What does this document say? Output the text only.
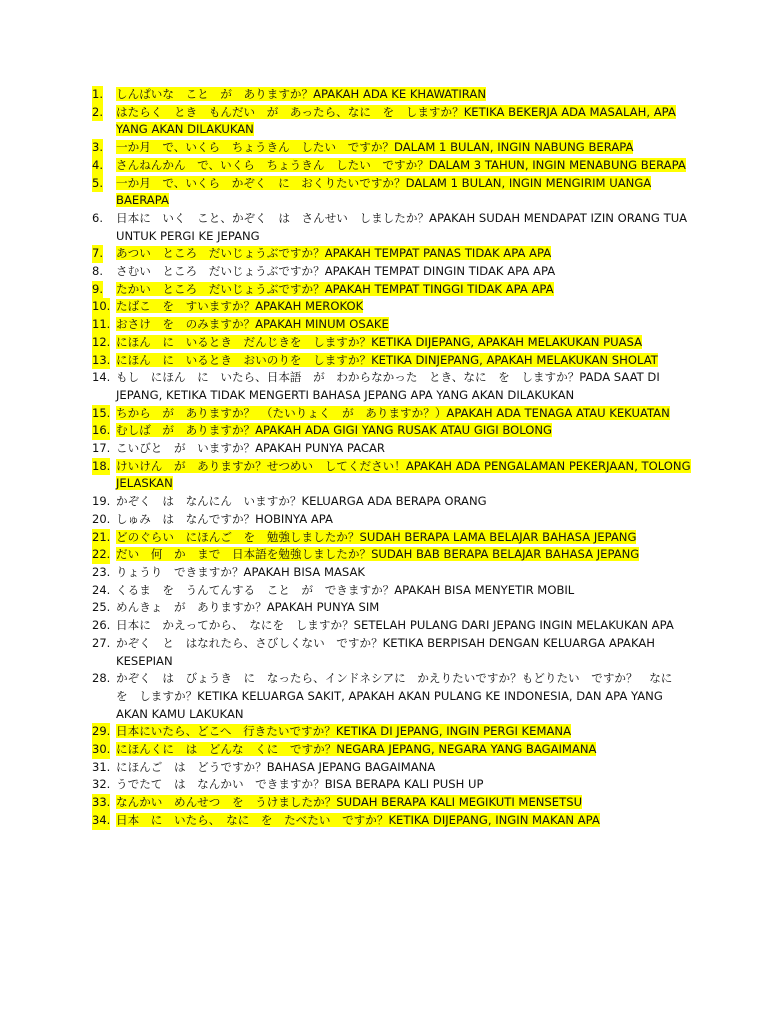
1. しんぱいな　こと　が　ありますか？APAKAH ADA KE KHAWATIRAN
2. はたらく　とき　もんだい　が　あったら、なに　を　しますか？KETIKA BEKERJA ADA MASALAH, APA YANG AKAN DILAKUKAN
3. 一か月　で、いくら　ちょうきん　したい　ですか？DALAM 1 BULAN, INGIN NABUNG BERAPA
4. さんねんかん　で、いくら　ちょうきん　したい　ですか？DALAM 3 TAHUN, INGIN MENABUNG BERAPA
5. 一か月　で、いくら　かぞく　に　おくりたいですか？DALAM 1 BULAN, INGIN MENGIRIM UANGA BAERAPA
6. 日本に　いく　こと、かぞく　は　さんせい　しましたか？APAKAH SUDAH MENDAPAT IZIN ORANG TUA UNTUK PERGI KE JEPANG
7. あつい　ところ　だいじょうぶですか？APAKAH TEMPAT PANAS TIDAK APA APA
8. さむい　ところ　だいじょうぶですか？APAKAH TEMPAT DINGIN TIDAK APA APA
9. たかい　ところ　だいじょうぶですか？APAKAH TEMPAT TINGGI TIDAK APA APA
10. たばこ　を　すいますか？APAKAH MEROKOK
11. おさけ　を　のみますか？APAKAH MINUM OSAKE
12. にほん　に　いるとき　だんじきを　しますか？KETIKA DIJEPANG, APAKAH MELAKUKAN PUASA
13. にほん　に　いるとき　おいのりを　しますか？KETIKA DINJEPANG, APAKAH MELAKUKAN SHOLAT
14. もし　にほん　に　いたら、日本語　が　わからなかった　とき、なに　を　しますか？PADA SAAT DI JEPANG, KETIKA TIDAK MENGERTI BAHASA JEPANG APA YANG AKAN DILAKUKAN
15. ちから　が　ありますか？　（たいりょく　が　ありますか？）APAKAH ADA TENAGA ATAU KEKUATAN
16. むしば　が　ありますか？APAKAH ADA GIGI YANG RUSAK ATAU GIGI BOLONG
17. こいびと　が　いますか？APAKAH PUNYA PACAR
18. けいけん　が　ありますか？せつめい　してください！APAKAH ADA PENGALAMAN PEKERJAAN, TOLONG JELASKAN
19. かぞく　は　なんにん　いますか？KELUARGA ADA BERAPA ORANG
20. しゅみ　は　なんですか？HOBINYA APA
21. どのぐらい　にほんご　を　勉強しましたか？SUDAH BERAPA LAMA BELAJAR BAHASA JEPANG
22. だい　何　か　まで　日本語を勉強しましたか？SUDAH BAB BERAPA BELAJAR BAHASA JEPANG
23. りょうり　できますか？APAKAH BISA MASAK
24. くるま　を　うんてんする　こと　が　できますか？APAKAH BISA MENYETIR MOBIL
25. めんきょ　が　ありますか？APAKAH PUNYA SIM
26. 日本に　かえってから、　なにを　しますか？SETELAH PULANG DARI JEPANG INGIN MELAKUKAN APA
27. かぞく　と　はなれたら、さびしくない　ですか？KETIKA BERPISAH DENGAN KELUARGA APAKAH KESEPIAN
28. かぞく　は　びょうき　に　なったら、インドネシアに　かえりたいですか？もどりたい　ですか？　なに　を　しますか？KETIKA KELUARGA SAKIT, APAKAH AKAN PULANG KE INDONESIA, DAN APA YANG AKAN KAMU LAKUKAN
29. 日本にいたら、どこへ　行きたいですか？KETIKA DI JEPANG, INGIN PERGI KEMANA
30. にほんくに　は　どんな　くに　ですか？NEGARA JEPANG, NEGARA YANG BAGAIMANA
31. にほんご　は　どうですか？BAHASA JEPANG BAGAIMANA
32. うでたて　は　なんかい　できますか？BISA BERAPA KALI PUSH UP
33. なんかい　めんせつ　を　うけましたか？SUDAH BERAPA KALI MEGIKUTI MENSETSU
34. 日本　に　いたら、　なに　を　たべたい　ですか？KETIKA DIJEPANG, INGIN MAKAN APA
